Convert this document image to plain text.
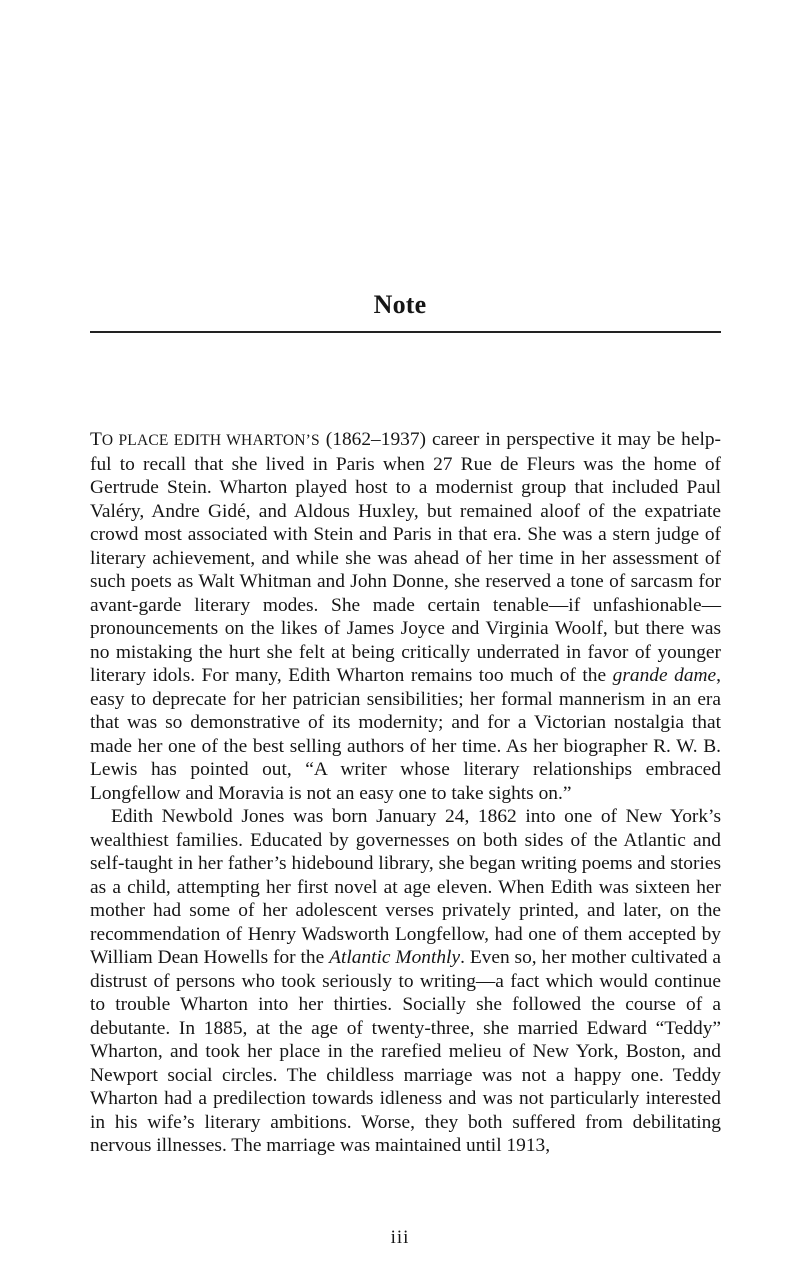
Note

TO PLACE EDITH WHARTON’S (1862–1937) career in perspective it may be helpful to recall that she lived in Paris when 27 Rue de Fleurs was the home of Gertrude Stein. Wharton played host to a modernist group that included Paul Valéry, Andre Gidé, and Aldous Huxley, but remained aloof of the expatriate crowd most associated with Stein and Paris in that era. She was a stern judge of literary achievement, and while she was ahead of her time in her assessment of such poets as Walt Whitman and John Donne, she reserved a tone of sarcasm for avant-garde literary modes. She made certain tenable—if unfashionable—pronouncements on the likes of James Joyce and Virginia Woolf, but there was no mistaking the hurt she felt at being critically underrated in favor of younger literary idols. For many, Edith Wharton remains too much of the grande dame, easy to deprecate for her patrician sensibilities; her formal mannerism in an era that was so demonstrative of its modernity; and for a Victorian nostalgia that made her one of the best selling authors of her time. As her biographer R. W. B. Lewis has pointed out, “A writer whose literary relationships embraced Longfellow and Moravia is not an easy one to take sights on.”

Edith Newbold Jones was born January 24, 1862 into one of New York’s wealthiest families. Educated by governesses on both sides of the Atlantic and self-taught in her father’s hidebound library, she began writing poems and stories as a child, attempting her first novel at age eleven. When Edith was sixteen her mother had some of her adolescent verses privately printed, and later, on the recommendation of Henry Wadsworth Longfellow, had one of them accepted by William Dean Howells for the Atlantic Monthly. Even so, her mother cultivated a distrust of persons who took seriously to writing—a fact which would continue to trouble Wharton into her thirties. Socially she followed the course of a debutante. In 1885, at the age of twenty-three, she married Edward “Teddy” Wharton, and took her place in the rarefied melieu of New York, Boston, and Newport social circles. The childless marriage was not a happy one. Teddy Wharton had a predilection towards idleness and was not particularly interested in his wife’s literary ambitions. Worse, they both suffered from debilitating nervous illnesses. The marriage was maintained until 1913,

iii
